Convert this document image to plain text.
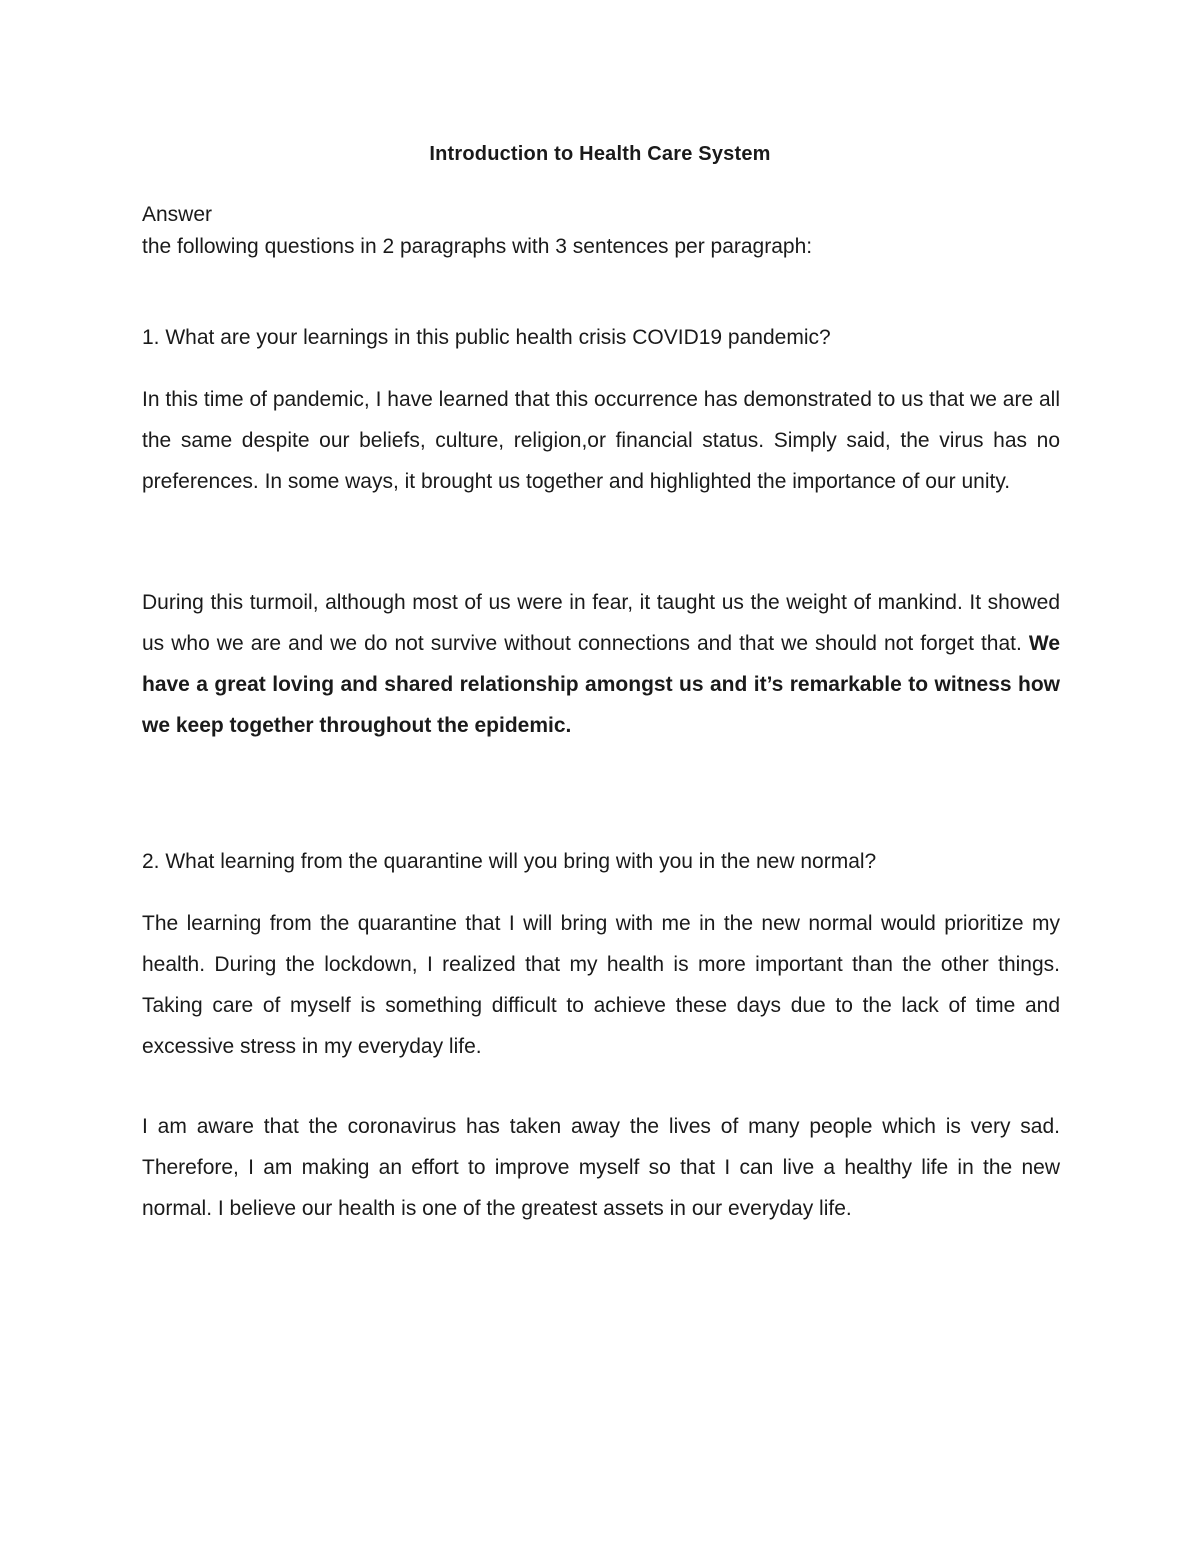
Introduction to Health Care System
Answer
the following questions in 2 paragraphs with 3 sentences per paragraph:
1. What are your learnings in this public health crisis COVID19 pandemic?

In this time of pandemic, I have learned that this occurrence has demonstrated to us that we are all the same despite our beliefs, culture, religion,or financial status. Simply said, the virus has no preferences. In some ways, it brought us together and highlighted the importance of our unity.

During this turmoil, although most of us were in fear, it taught us the weight of mankind. It showed us who we are and we do not survive without connections and that we should not forget that. We have a great loving and shared relationship amongst us and it’s remarkable to witness how we keep together throughout the epidemic.

2. What learning from the quarantine will you bring with you in the new normal?

The learning from the quarantine that I will bring with me in the new normal would prioritize my health. During the lockdown, I realized that my health is more important than the other things. Taking care of myself is something difficult to achieve these days due to the lack of time and excessive stress in my everyday life.

I am aware that the coronavirus has taken away the lives of many people which is very sad. Therefore, I am making an effort to improve myself so that I can live a healthy life in the new normal. I believe our health is one of the greatest assets in our everyday life.
